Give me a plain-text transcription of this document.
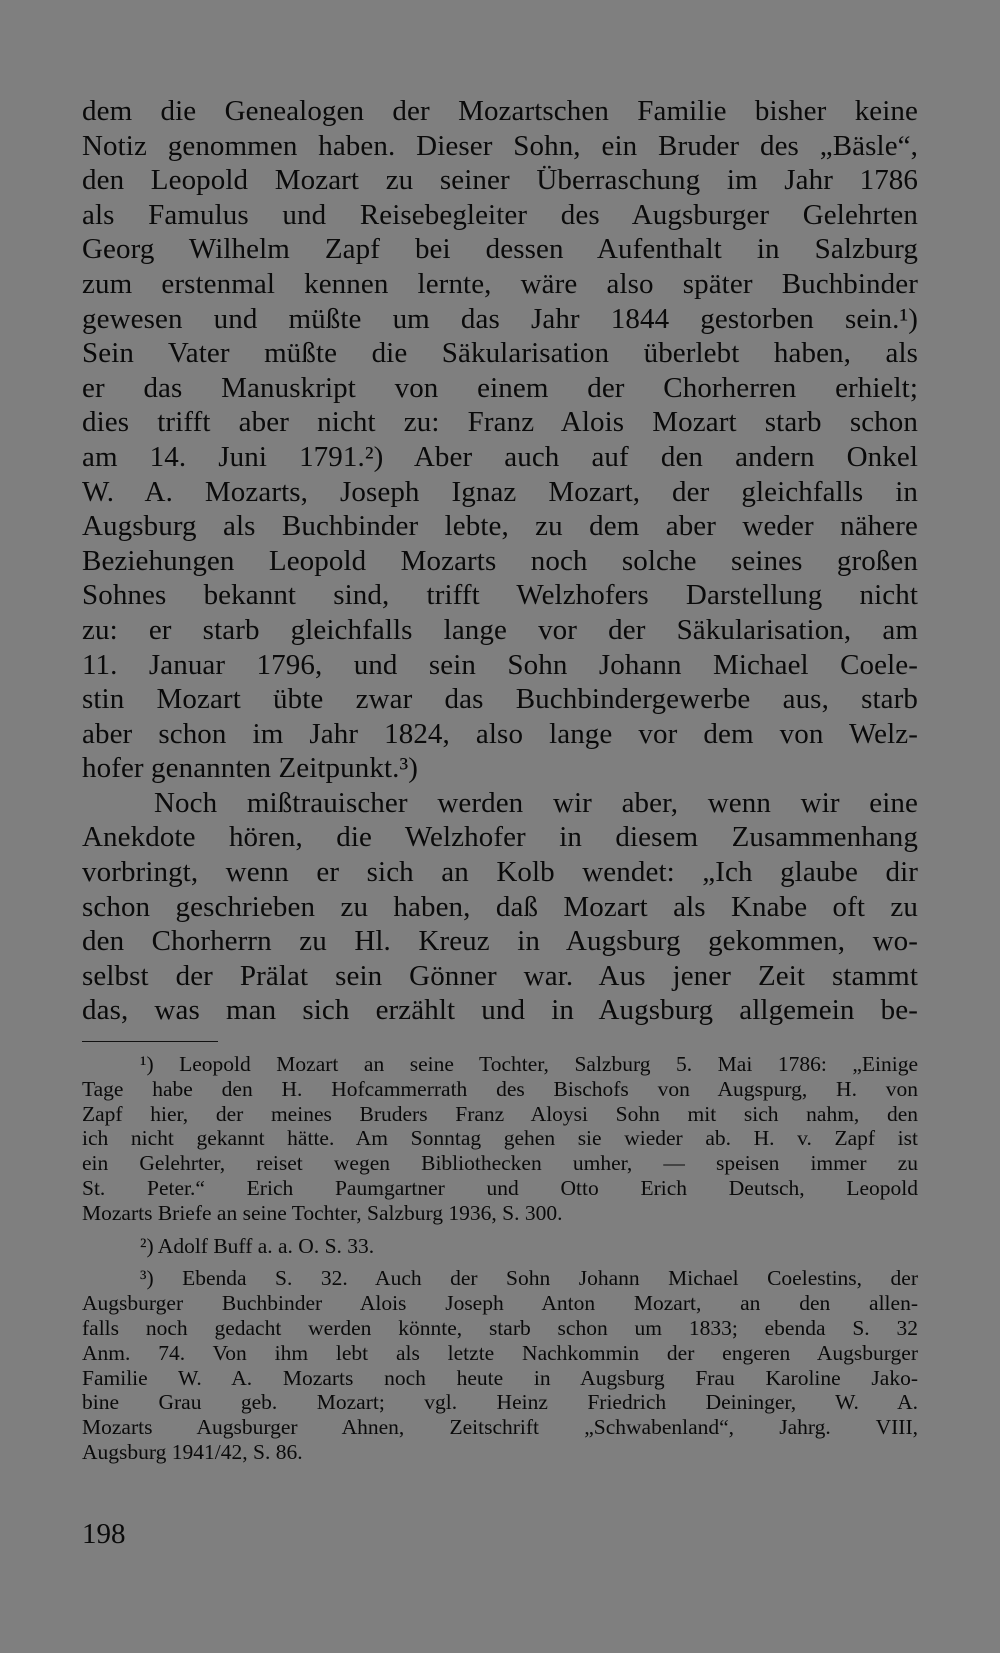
dem die Genealogen der Mozartschen Familie bisher keine
Notiz genommen haben. Dieser Sohn, ein Bruder des „Bäsle“,
den Leopold Mozart zu seiner Überraschung im Jahr 1786
als Famulus und Reisebegleiter des Augsburger Gelehrten
Georg Wilhelm Zapf bei dessen Aufenthalt in Salzburg
zum erstenmal kennen lernte, wäre also später Buchbinder
gewesen und müßte um das Jahr 1844 gestorben sein.¹)
Sein Vater müßte die Säkularisation überlebt haben, als
er das Manuskript von einem der Chorherren erhielt;
dies trifft aber nicht zu: Franz Alois Mozart starb schon
am 14. Juni 1791.²) Aber auch auf den andern Onkel
W. A. Mozarts, Joseph Ignaz Mozart, der gleichfalls in
Augsburg als Buchbinder lebte, zu dem aber weder nähere
Beziehungen Leopold Mozarts noch solche seines großen
Sohnes bekannt sind, trifft Welzhofers Darstellung nicht
zu: er starb gleichfalls lange vor der Säkularisation, am
11. Januar 1796, und sein Sohn Johann Michael Coele-
stin Mozart übte zwar das Buchbindergewerbe aus, starb
aber schon im Jahr 1824, also lange vor dem von Welz-
hofer genannten Zeitpunkt.³)
Noch mißtrauischer werden wir aber, wenn wir eine
Anekdote hören, die Welzhofer in diesem Zusammenhang
vorbringt, wenn er sich an Kolb wendet: „Ich glaube dir
schon geschrieben zu haben, daß Mozart als Knabe oft zu
den Chorherrn zu Hl. Kreuz in Augsburg gekommen, wo-
selbst der Prälat sein Gönner war. Aus jener Zeit stammt
das, was man sich erzählt und in Augsburg allgemein be-
¹) Leopold Mozart an seine Tochter, Salzburg 5. Mai 1786: „Einige
Tage habe den H. Hofcammerrath des Bischofs von Augspurg, H. von
Zapf hier, der meines Bruders Franz Aloysi Sohn mit sich nahm, den
ich nicht gekannt hätte. Am Sonntag gehen sie wieder ab. H. v. Zapf ist
ein Gelehrter, reiset wegen Bibliothecken umher, — speisen immer zu
St. Peter.“ Erich Paumgartner und Otto Erich Deutsch, Leopold
Mozarts Briefe an seine Tochter, Salzburg 1936, S. 300.
²) Adolf Buff a. a. O. S. 33.
³) Ebenda S. 32. Auch der Sohn Johann Michael Coelestins, der
Augsburger Buchbinder Alois Joseph Anton Mozart, an den allen-
falls noch gedacht werden könnte, starb schon um 1833; ebenda S. 32
Anm. 74. Von ihm lebt als letzte Nachkommin der engeren Augsburger
Familie W. A. Mozarts noch heute in Augsburg Frau Karoline Jako-
bine Grau geb. Mozart; vgl. Heinz Friedrich Deininger, W. A.
Mozarts Augsburger Ahnen, Zeitschrift „Schwabenland“, Jahrg. VIII,
Augsburg 1941/42, S. 86.
198
